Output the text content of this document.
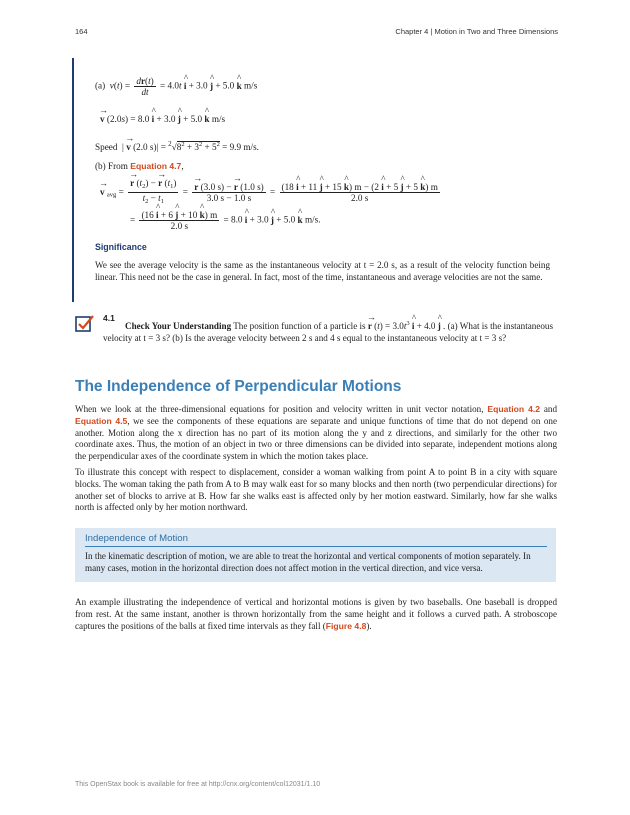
164	Chapter 4 | Motion in Two and Three Dimensions
(a) $v(t) = \frac{dr(t)}{dt} = 4.0t$ ^ i + 3.0 ^ j + 5.0 ^ k m/s
→ v (2.0s) = 8.0 ^ i + 3.0 ^ j + 5.0 ^ k m/s
Speed  | → v (2.0 $s)| = ^2√8^2 + 3^2 + 5^2 = 9.9$ m/s.
(b) From Equation 4.7,
→ v $_{avg}$ = → $\frac{r (t_2) - \to r (t_1)}{t_2 - t_1}$ = → $\frac{r (3.0 s) - \to r (1.0 s)}{3.0 s - 1.0 s} = \frac{(18 \^{} i + 11 \^{} j + 15 \^{} k) m - (2 \^{} i + 5 \^{} j + 5 \^{} k) m}{2.0 s}$
= $\frac{(16 \^{} i + 6 \^{} j + 10 \^{} k) m}{2.0 s} = 8.0$ ^ i + 3.0 ^ j + 5.0 ^ k m/s.
Significance
We see the average velocity is the same as the instantaneous velocity at t = 2.0 s, as a result of the velocity function being linear. This need not be the case in general. In fact, most of the time, instantaneous and average velocities are not the same.
4.1
Check Your Understanding The position function of a particle is → r $(t) = 3.0t^3$ ^ i + 4.0 ^ j . (a) What is the instantaneous velocity at t = 3 s? (b) Is the average velocity between 2 s and 4 s equal to the instantaneous velocity at t = 3 s?
The Independence of Perpendicular Motions
When we look at the three-dimensional equations for position and velocity written in unit vector notation, Equation 4.2 and Equation 4.5, we see the components of these equations are separate and unique functions of time that do not depend on one another. Motion along the x direction has no part of its motion along the y and z directions, and similarly for the other two coordinate axes. Thus, the motion of an object in two or three dimensions can be divided into separate, independent motions along the perpendicular axes of the coordinate system in which the motion takes place.
To illustrate this concept with respect to displacement, consider a woman walking from point A to point B in a city with square blocks. The woman taking the path from A to B may walk east for so many blocks and then north (two perpendicular directions) for another set of blocks to arrive at B. How far she walks east is affected only by her motion eastward. Similarly, how far she walks north is affected only by her motion northward.
Independence of Motion
In the kinematic description of motion, we are able to treat the horizontal and vertical components of motion separately. In many cases, motion in the horizontal direction does not affect motion in the vertical direction, and vice versa.
An example illustrating the independence of vertical and horizontal motions is given by two baseballs. One baseball is dropped from rest. At the same instant, another is thrown horizontally from the same height and it follows a curved path. A stroboscope captures the positions of the balls at fixed time intervals as they fall (Figure 4.8).
This OpenStax book is available for free at http://cnx.org/content/col12031/1.10
